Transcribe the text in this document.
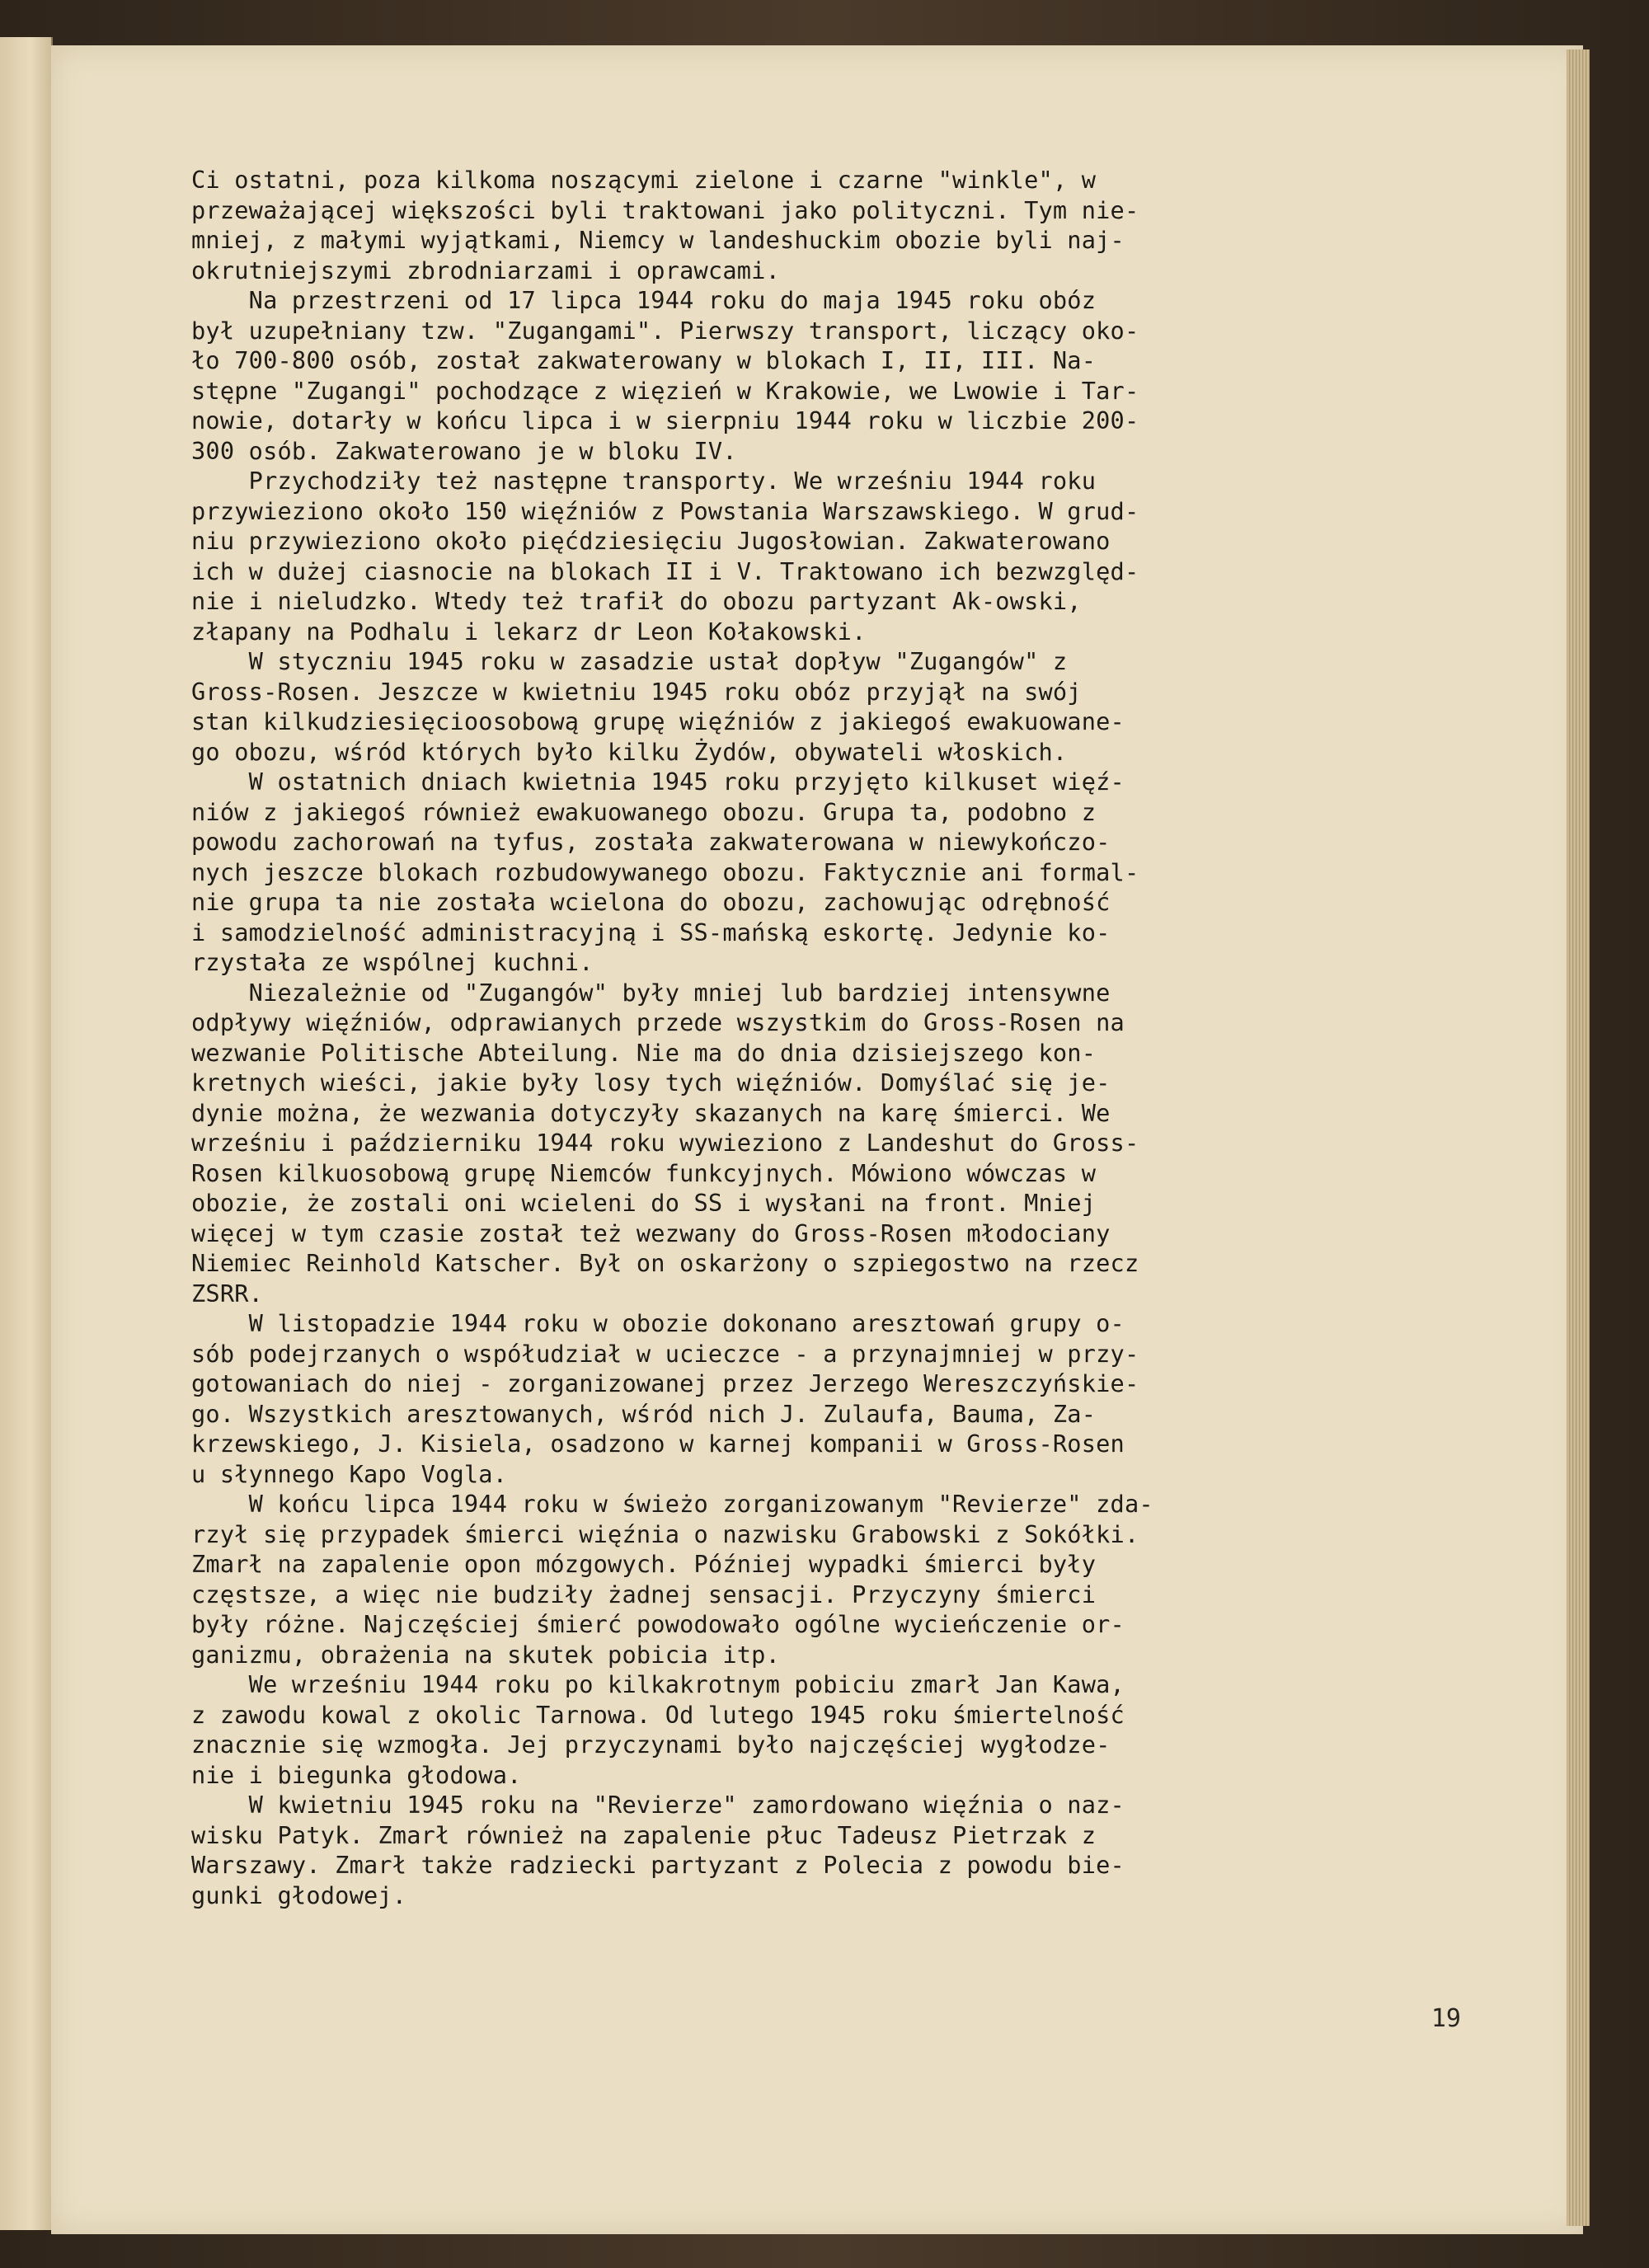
Ci ostatni, poza kilkoma noszącymi zielone i czarne "winkle", w
przeważającej większości byli traktowani jako polityczni. Tym nie-
mniej, z małymi wyjątkami, Niemcy w landeshuckim obozie byli naj-
okrutniejszymi zbrodniarzami i oprawcami.
Na przestrzeni od 17 lipca 1944 roku do maja 1945 roku obóz
był uzupełniany tzw. "Zugangami". Pierwszy transport, liczący oko-
ło 700-800 osób, został zakwaterowany w blokach I, II, III. Na-
stępne "Zugangi" pochodzące z więzień w Krakowie, we Lwowie i Tar-
nowie, dotarły w końcu lipca i w sierpniu 1944 roku w liczbie 200-
300 osób. Zakwaterowano je w bloku IV.
Przychodziły też następne transporty. We wrześniu 1944 roku
przywieziono około 150 więźniów z Powstania Warszawskiego. W grud-
niu przywieziono około pięćdziesięciu Jugosłowian. Zakwaterowano
ich w dużej ciasnocie na blokach II i V. Traktowano ich bezwzględ-
nie i nieludzko. Wtedy też trafił do obozu partyzant Ak-owski,
złapany na Podhalu i lekarz dr Leon Kołakowski.
W styczniu 1945 roku w zasadzie ustał dopływ "Zugangów" z
Gross-Rosen. Jeszcze w kwietniu 1945 roku obóz przyjął na swój
stan kilkudziesięcioosobową grupę więźniów z jakiegoś ewakuowane-
go obozu, wśród których było kilku Żydów, obywateli włoskich.
W ostatnich dniach kwietnia 1945 roku przyjęto kilkuset więź-
niów z jakiegoś również ewakuowanego obozu. Grupa ta, podobno z
powodu zachorowań na tyfus, została zakwaterowana w niewykończo-
nych jeszcze blokach rozbudowywanego obozu. Faktycznie ani formal-
nie grupa ta nie została wcielona do obozu, zachowując odrębność
i samodzielność administracyjną i SS-mańską eskortę. Jedynie ko-
rzystała ze wspólnej kuchni.
Niezależnie od "Zugangów" były mniej lub bardziej intensywne
odpływy więźniów, odprawianych przede wszystkim do Gross-Rosen na
wezwanie Politische Abteilung. Nie ma do dnia dzisiejszego kon-
kretnych wieści, jakie były losy tych więźniów. Domyślać się je-
dynie można, że wezwania dotyczyły skazanych na karę śmierci. We
wrześniu i październiku 1944 roku wywieziono z Landeshut do Gross-
Rosen kilkuosobową grupę Niemców funkcyjnych. Mówiono wówczas w
obozie, że zostali oni wcieleni do SS i wysłani na front. Mniej
więcej w tym czasie został też wezwany do Gross-Rosen młodociany
Niemiec Reinhold Katscher. Był on oskarżony o szpiegostwo na rzecz
ZSRR.
W listopadzie 1944 roku w obozie dokonano aresztowań grupy o-
sób podejrzanych o współudział w ucieczce - a przynajmniej w przy-
gotowaniach do niej - zorganizowanej przez Jerzego Wereszczyńskie-
go. Wszystkich aresztowanych, wśród nich J. Zulaufa, Bauma, Za-
krzewskiego, J. Kisiela, osadzono w karnej kompanii w Gross-Rosen
u słynnego Kapo Vogla.
W końcu lipca 1944 roku w świeżo zorganizowanym "Revierze" zda-
rzył się przypadek śmierci więźnia o nazwisku Grabowski z Sokółki.
Zmarł na zapalenie opon mózgowych. Później wypadki śmierci były
częstsze, a więc nie budziły żadnej sensacji. Przyczyny śmierci
były różne. Najczęściej śmierć powodowało ogólne wycieńczenie or-
ganizmu, obrażenia na skutek pobicia itp.
We wrześniu 1944 roku po kilkakrotnym pobiciu zmarł Jan Kawa,
z zawodu kowal z okolic Tarnowa. Od lutego 1945 roku śmiertelność
znacznie się wzmogła. Jej przyczynami było najczęściej wygłodze-
nie i biegunka głodowa.
W kwietniu 1945 roku na "Revierze" zamordowano więźnia o naz-
wisku Patyk. Zmarł również na zapalenie płuc Tadeusz Pietrzak z
Warszawy. Zmarł także radziecki partyzant z Polecia z powodu bie-
gunki głodowej.
19
